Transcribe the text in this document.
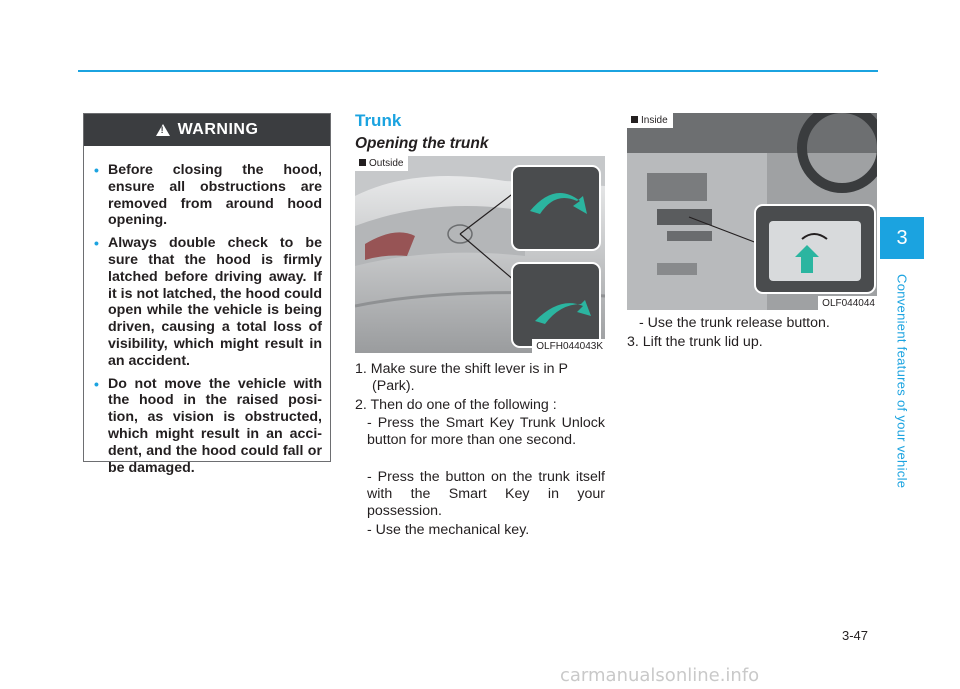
!
WARNING
• Before closing the hood, ensure all obstructions are removed from around hood opening.
• Always double check to be sure that the hood is firmly latched before driving away. If it is not latched, the hood could open while the vehicle is being driven, causing a total loss of visibility, which might result in an accident.
• Do not move the vehicle with the hood in the raised posi-tion, as vision is obstructed, which might result in an acci-dent, and the hood could fall or be damaged.
Trunk
Opening the trunk
Outside
OLFH044043K
Inside
OLF044044
1. Make sure the shift lever is in P
(Park).
2. Then do one of the following :
- Press the Smart Key Trunk Unlock button for more than one second.
- Press the button on the trunk itself with the Smart Key in your possession.
- Use the mechanical key.
- Use the trunk release button.
3. Lift the trunk lid up.
3
Convenient features of your vehicle
3-47
carmanualsonline.info
